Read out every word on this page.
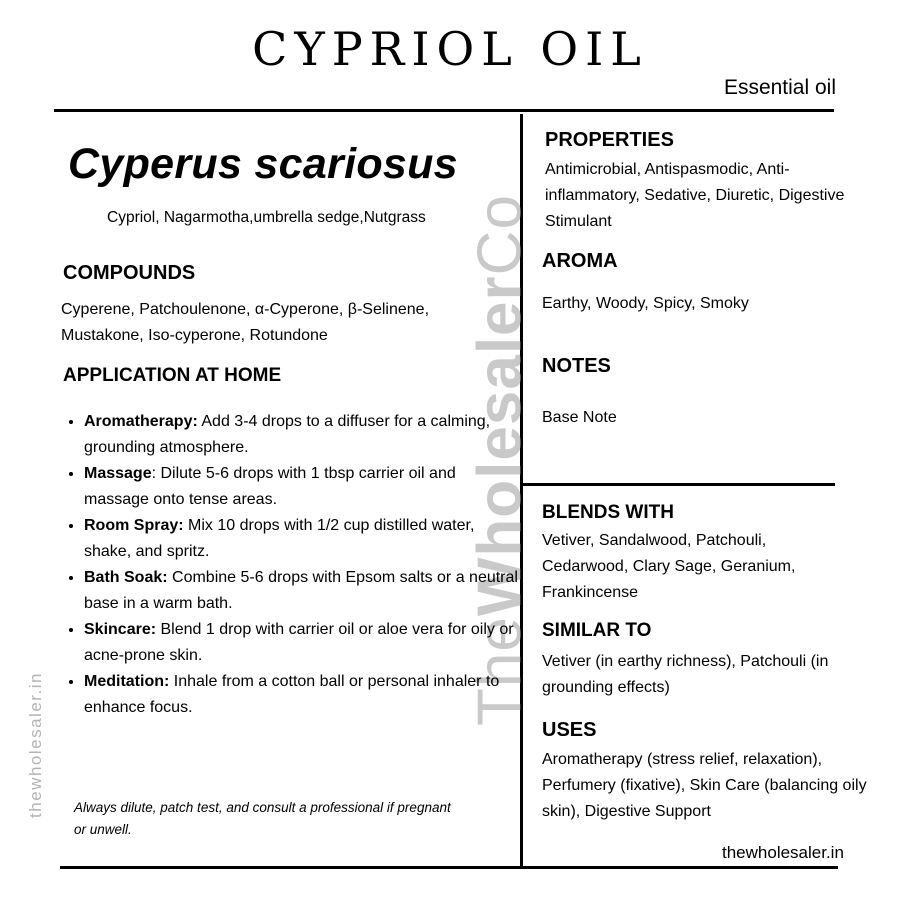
CYPRIOL OIL
Essential oil
TheWholesalerCo
thewholesaler.in
Cyperus scariosus
Cypriol, Nagarmotha,umbrella sedge,Nutgrass
COMPOUNDS
Cyperene, Patchoulenone, α-Cyperone, β-Selinene,
Mustakone, Iso-cyperone, Rotundone
APPLICATION AT HOME
• Aromatherapy: Add 3-4 drops to a diffuser for a calming, grounding atmosphere.
• Massage: Dilute 5-6 drops with 1 tbsp carrier oil and massage onto tense areas.
• Room Spray: Mix 10 drops with 1/2 cup distilled water, shake, and spritz.
• Bath Soak: Combine 5-6 drops with Epsom salts or a neutral base in a warm bath.
• Skincare: Blend 1 drop with carrier oil or aloe vera for oily or acne-prone skin.
• Meditation: Inhale from a cotton ball or personal inhaler to enhance focus.
Always dilute, patch test, and consult a professional if pregnant or unwell.
PROPERTIES
Antimicrobial, Antispasmodic, Anti-inflammatory, Sedative, Diuretic, Digestive Stimulant
AROMA
Earthy, Woody, Spicy, Smoky
NOTES
Base Note
BLENDS WITH
Vetiver, Sandalwood, Patchouli, Cedarwood, Clary Sage, Geranium, Frankincense
SIMILAR TO
Vetiver (in earthy richness), Patchouli (in grounding effects)
USES
Aromatherapy (stress relief, relaxation), Perfumery (fixative), Skin Care (balancing oily skin), Digestive Support
thewholesaler.in
